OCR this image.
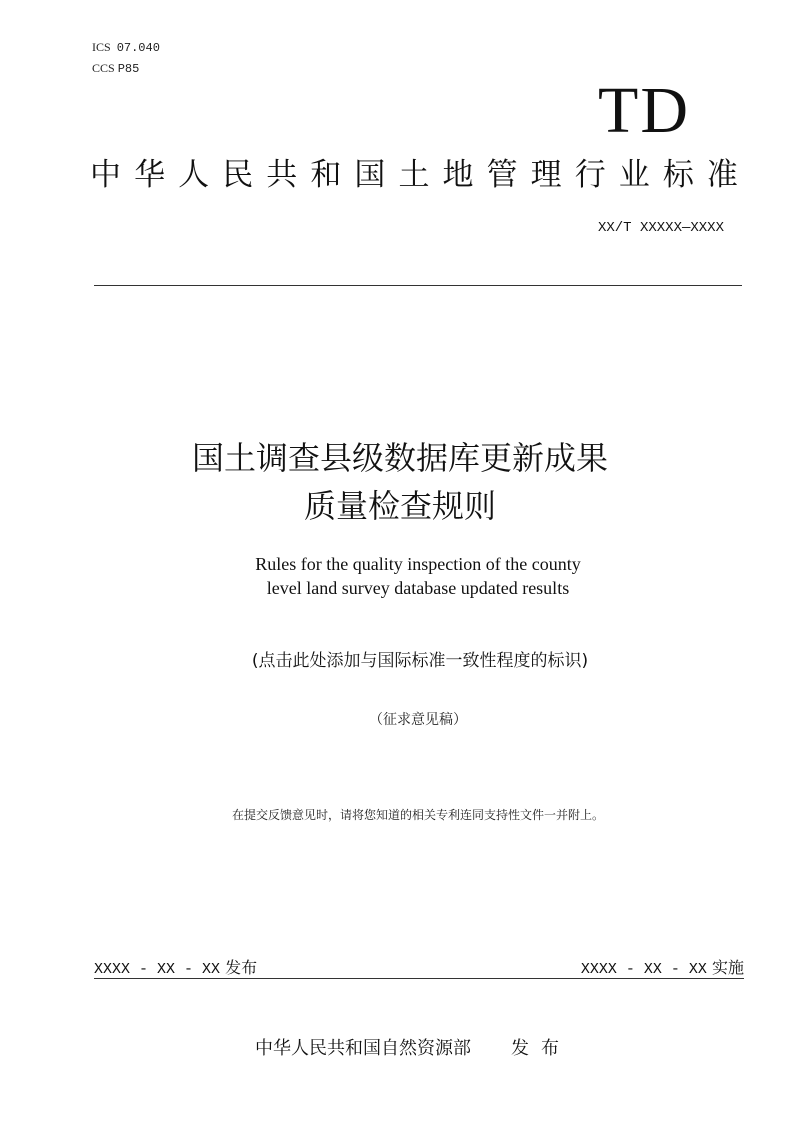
ICS 07.040
CCS P85
TD
中 华 人 民 共 和 国 土 地 管 理 行 业 标 准
XX/T XXXXX—XXXX
国土调查县级数据库更新成果
质量检查规则
Rules for the quality inspection of the county
level land survey database updated results
(点击此处添加与国际标准一致性程度的标识)
（征求意见稿）
在提交反馈意见时，请将您知道的相关专利连同支持性文件一并附上。
XXXX - XX - XX 发布	XXXX - XX - XX 实施
中华人民共和国自然资源部 发布
